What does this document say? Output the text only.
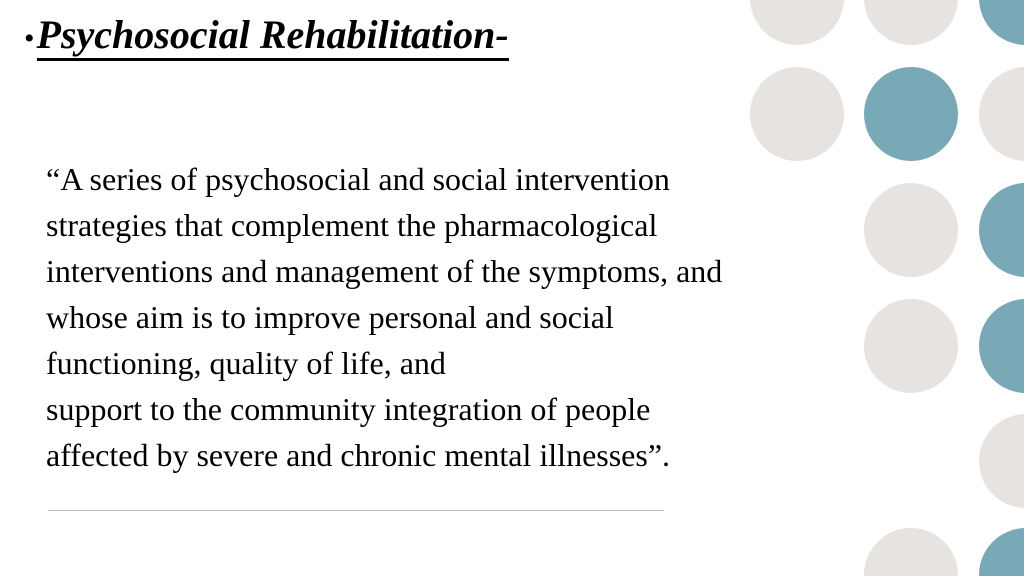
• Psychosocial Rehabilitation-

“A series of psychosocial and social intervention
strategies that complement the pharmacological
interventions and management of the symptoms, and
whose aim is to improve personal and social
functioning, quality of life, and
support to the community integration of people
affected by severe and chronic mental illnesses”.
